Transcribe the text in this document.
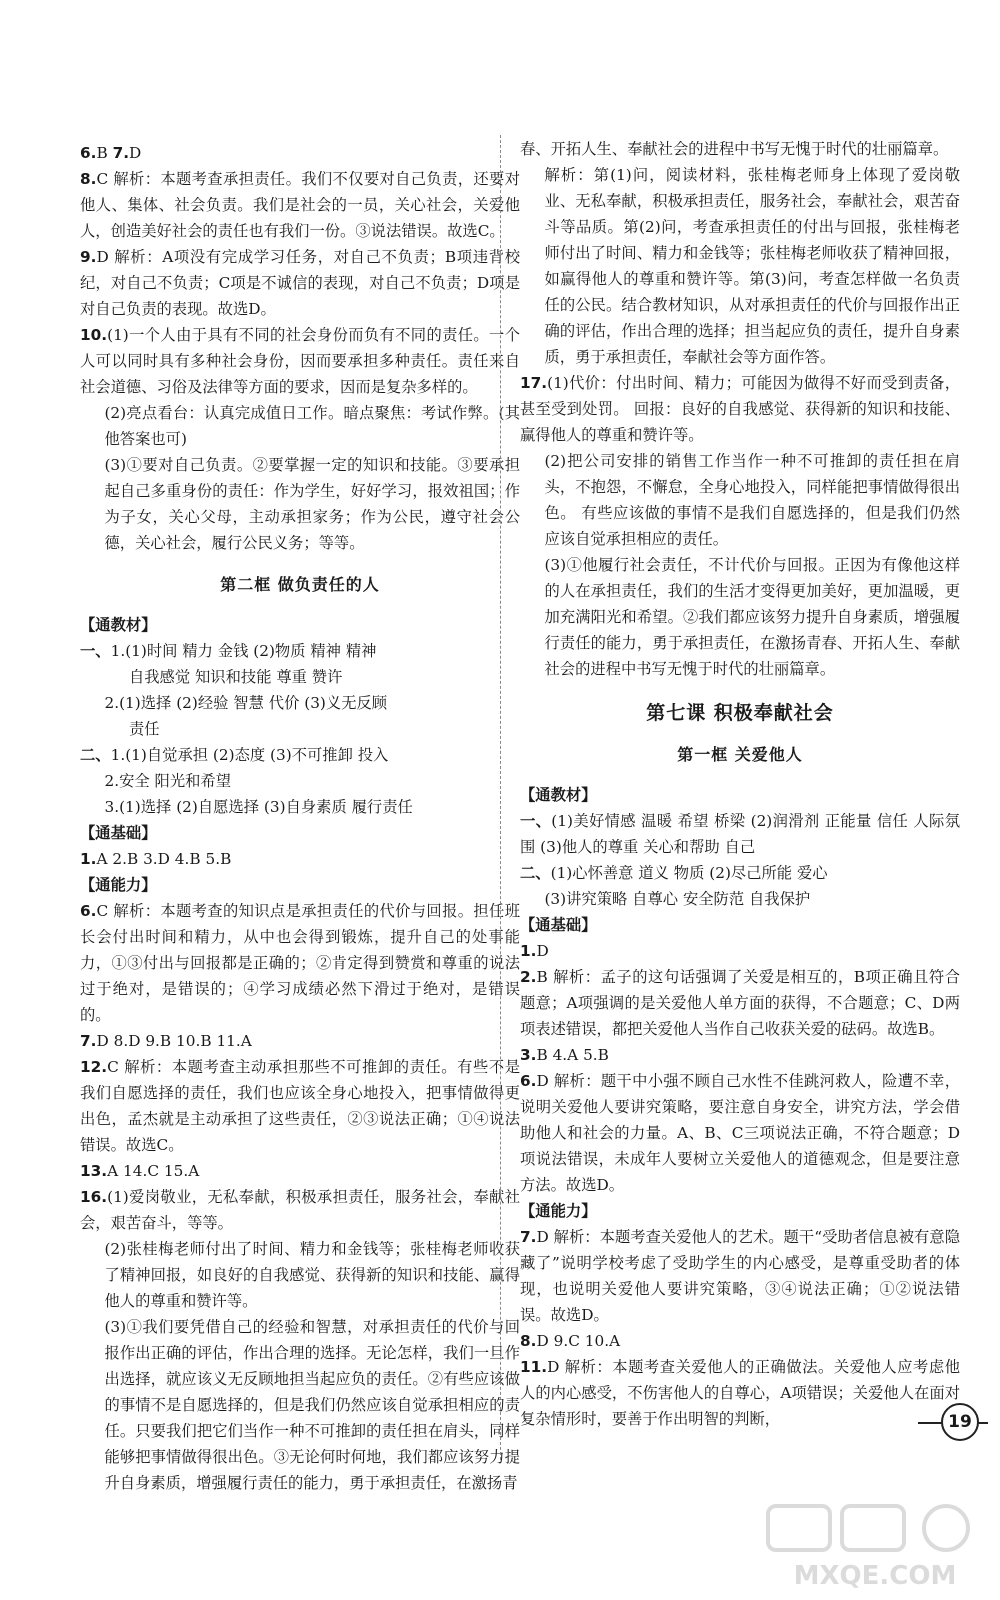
6.B 7.D
8.C 解析：本题考查承担责任。我们不仅要对自己负责，还要对他人、集体、社会负责。我们是社会的一员，关心社会，关爱他人，创造美好社会的责任也有我们一份。③说法错误。故选C。
9.D 解析：A项没有完成学习任务，对自己不负责；B项违背校纪，对自己不负责；C项是不诚信的表现，对自己不负责；D项是对自己负责的表现。故选D。
10.(1)一个人由于具有不同的社会身份而负有不同的责任。一个人可以同时具有多种社会身份，因而要承担多种责任。责任来自社会道德、习俗及法律等方面的要求，因而是复杂多样的。
(2)亮点看台：认真完成值日工作。暗点聚焦：考试作弊。(其他答案也可)
(3)①要对自己负责。②要掌握一定的知识和技能。③要承担起自己多重身份的责任：作为学生，好好学习，报效祖国；作为子女，关心父母，主动承担家务；作为公民，遵守社会公德，关心社会，履行公民义务；等等。
第二框 做负责任的人
【通教材】
一、1.(1)时间 精力 金钱 (2)物质 精神 精神
自我感觉 知识和技能 尊重 赞许
2.(1)选择 (2)经验 智慧 代价 (3)义无反顾
责任
二、1.(1)自觉承担 (2)态度 (3)不可推卸 投入
2.安全 阳光和希望
3.(1)选择 (2)自愿选择 (3)自身素质 履行责任
【通基础】
1.A 2.B 3.D 4.B 5.B
【通能力】
6.C 解析：本题考查的知识点是承担责任的代价与回报。担任班长会付出时间和精力，从中也会得到锻炼，提升自己的处事能力，①③付出与回报都是正确的；②肯定得到赞赏和尊重的说法过于绝对，是错误的；④学习成绩必然下滑过于绝对，是错误的。
7.D 8.D 9.B 10.B 11.A
12.C 解析：本题考查主动承担那些不可推卸的责任。有些不是我们自愿选择的责任，我们也应该全身心地投入，把事情做得更出色，孟杰就是主动承担了这些责任，②③说法正确；①④说法错误。故选C。
13.A 14.C 15.A
16.(1)爱岗敬业，无私奉献，积极承担责任，服务社会，奉献社会，艰苦奋斗，等等。
(2)张桂梅老师付出了时间、精力和金钱等；张桂梅老师收获了精神回报，如良好的自我感觉、获得新的知识和技能、赢得他人的尊重和赞许等。
(3)①我们要凭借自己的经验和智慧，对承担责任的代价与回报作出正确的评估，作出合理的选择。无论怎样，我们一旦作出选择，就应该义无反顾地担当起应负的责任。②有些应该做的事情不是自愿选择的，但是我们仍然应该自觉承担相应的责任。只要我们把它们当作一种不可推卸的责任担在肩头，同样能够把事情做得很出色。③无论何时何地，我们都应该努力提升自身素质，增强履行责任的能力，勇于承担责任，在激扬青
春、开拓人生、奉献社会的进程中书写无愧于时代的壮丽篇章。
解析：第(1)问，阅读材料，张桂梅老师身上体现了爱岗敬业、无私奉献，积极承担责任，服务社会，奉献社会，艰苦奋斗等品质。第(2)问，考查承担责任的付出与回报，张桂梅老师付出了时间、精力和金钱等；张桂梅老师收获了精神回报，如赢得他人的尊重和赞许等。第(3)问，考查怎样做一名负责任的公民。结合教材知识，从对承担责任的代价与回报作出正确的评估，作出合理的选择；担当起应负的责任，提升自身素质，勇于承担责任，奉献社会等方面作答。
17.(1)代价：付出时间、精力；可能因为做得不好而受到责备，甚至受到处罚。 回报：良好的自我感觉、获得新的知识和技能、赢得他人的尊重和赞许等。
(2)把公司安排的销售工作当作一种不可推卸的责任担在肩头，不抱怨，不懈怠，全身心地投入，同样能把事情做得很出色。 有些应该做的事情不是我们自愿选择的，但是我们仍然应该自觉承担相应的责任。
(3)①他履行社会责任，不计代价与回报。正因为有像他这样的人在承担责任，我们的生活才变得更加美好，更加温暖，更加充满阳光和希望。②我们都应该努力提升自身素质，增强履行责任的能力，勇于承担责任，在激扬青春、开拓人生、奉献社会的进程中书写无愧于时代的壮丽篇章。
第七课 积极奉献社会
第一框 关爱他人
【通教材】
一、(1)美好情感 温暖 希望 桥梁 (2)润滑剂 正能量 信任 人际氛围 (3)他人的尊重 关心和帮助 自己
二、(1)心怀善意 道义 物质 (2)尽己所能 爱心
(3)讲究策略 自尊心 安全防范 自我保护
【通基础】
1.D
2.B 解析：孟子的这句话强调了关爱是相互的，B项正确且符合题意；A项强调的是关爱他人单方面的获得，不合题意；C、D两项表述错误，都把关爱他人当作自己收获关爱的砝码。故选B。
3.B 4.A 5.B
6.D 解析：题干中小强不顾自己水性不佳跳河救人，险遭不幸，说明关爱他人要讲究策略，要注意自身安全，讲究方法，学会借助他人和社会的力量。A、B、C三项说法正确，不符合题意；D项说法错误，未成年人要树立关爱他人的道德观念，但是要注意方法。故选D。
【通能力】
7.D 解析：本题考查关爱他人的艺术。题干“受助者信息被有意隐藏了”说明学校考虑了受助学生的内心感受，是尊重受助者的体现，也说明关爱他人要讲究策略，③④说法正确；①②说法错误。故选D。
8.D 9.C 10.A
11.D 解析：本题考查关爱他人的正确做法。关爱他人应考虑他人的内心感受，不伤害他人的自尊心，A项错误；关爱他人在面对复杂情形时，要善于作出明智的判断，	19
MXQE.COM
